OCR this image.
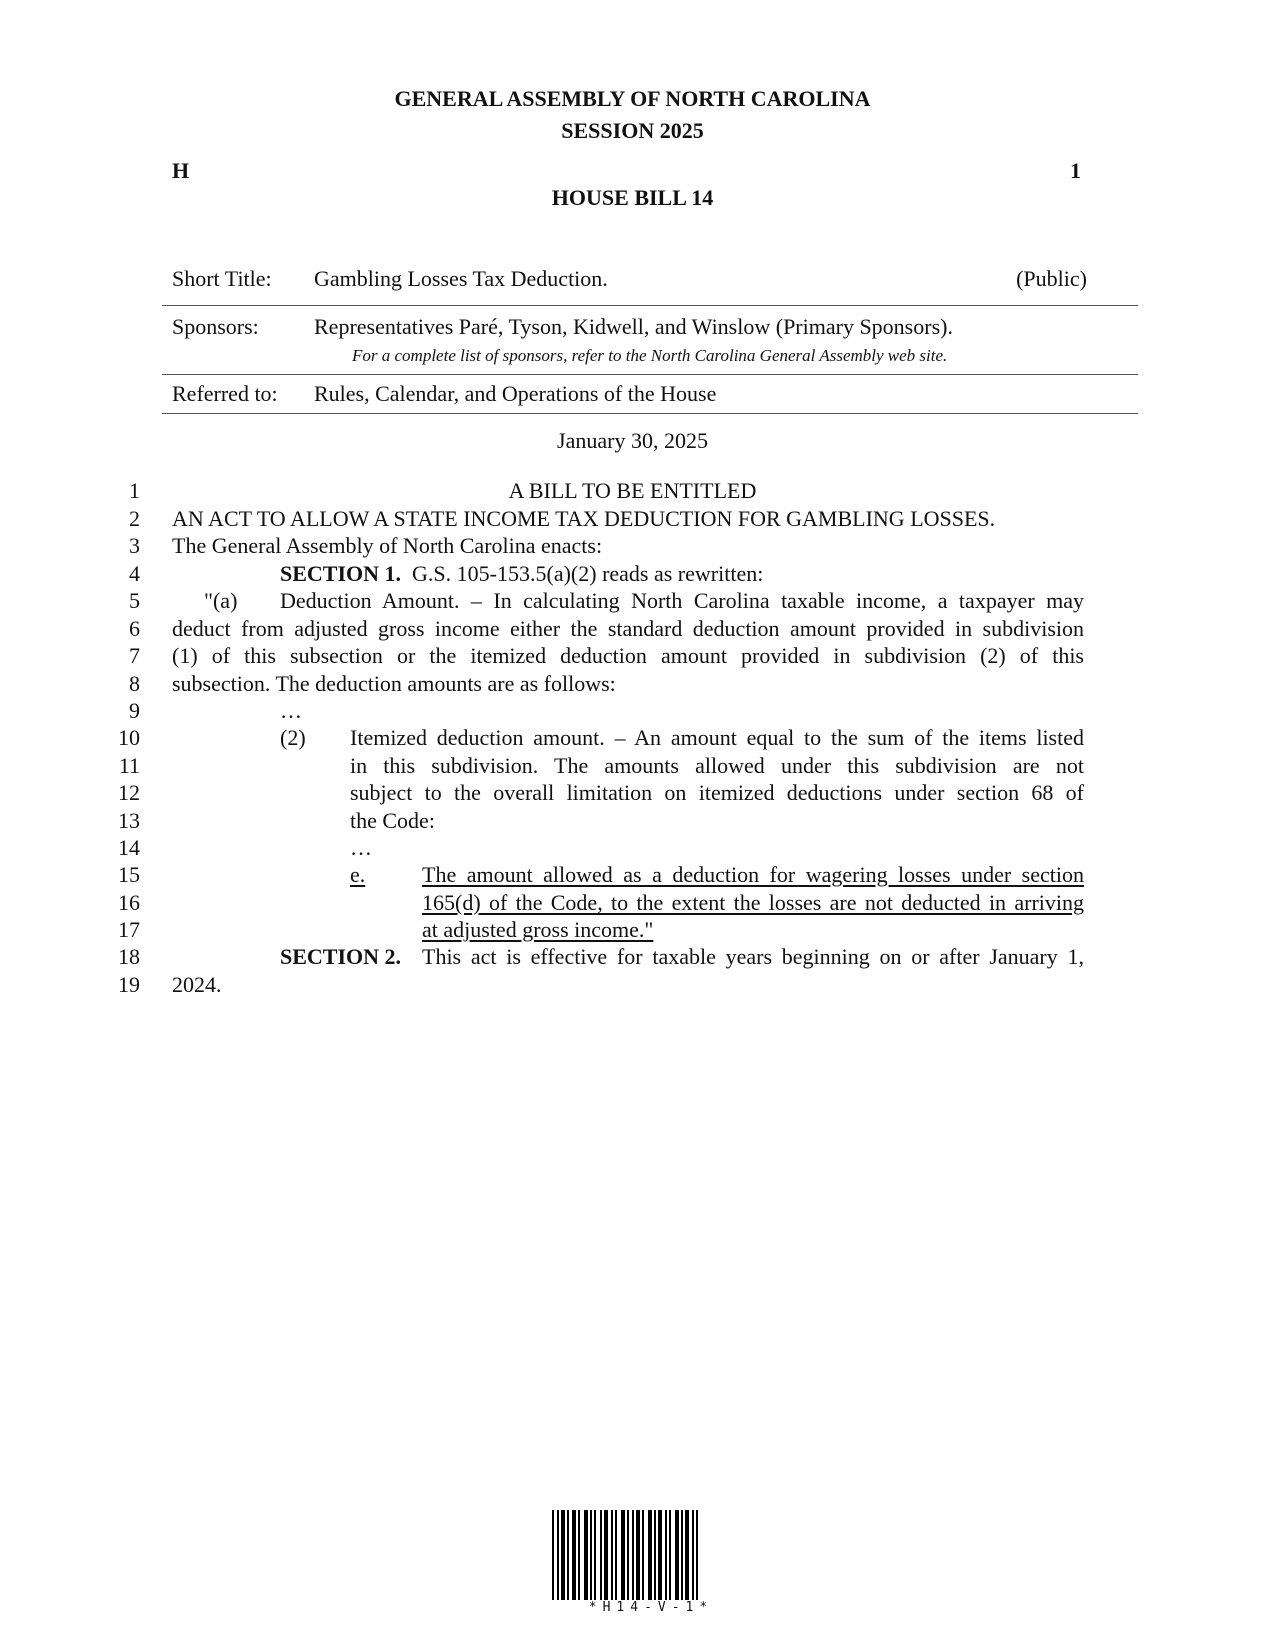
GENERAL ASSEMBLY OF NORTH CAROLINA
SESSION 2025
H	1
HOUSE BILL 14
Short Title: Gambling Losses Tax Deduction.	(Public)
Sponsors:	Representatives Paré, Tyson, Kidwell, and Winslow (Primary Sponsors).
For a complete list of sponsors, refer to the North Carolina General Assembly web site.
Referred to: Rules, Calendar, and Operations of the House
January 30, 2025
1
2
3
4
5
6
7
8
9
10
11
12
13
14
15
16
17
18
19
A BILL TO BE ENTITLED
AN ACT TO ALLOW A STATE INCOME TAX DEDUCTION FOR GAMBLING LOSSES.
The General Assembly of North Carolina enacts:
SECTION 1. G.S. 105-153.5(a)(2) reads as rewritten:
"(a) Deduction Amount. – In calculating North Carolina taxable income, a taxpayer may
deduct from adjusted gross income either the standard deduction amount provided in subdivision
(1) of this subsection or the itemized deduction amount provided in subdivision (2) of this
subsection. The deduction amounts are as follows:
…
(2) Itemized deduction amount. – An amount equal to the sum of the items listed
in this subdivision. The amounts allowed under this subdivision are not
subject to the overall limitation on itemized deductions under section 68 of
the Code:
…
e.	The amount allowed as a deduction for wagering losses under section
165(d) of the Code, to the extent the losses are not deducted in arriving
at adjusted gross income."
SECTION 2. This act is effective for taxable years beginning on or after January 1,
2024.
*H14-V-1*
